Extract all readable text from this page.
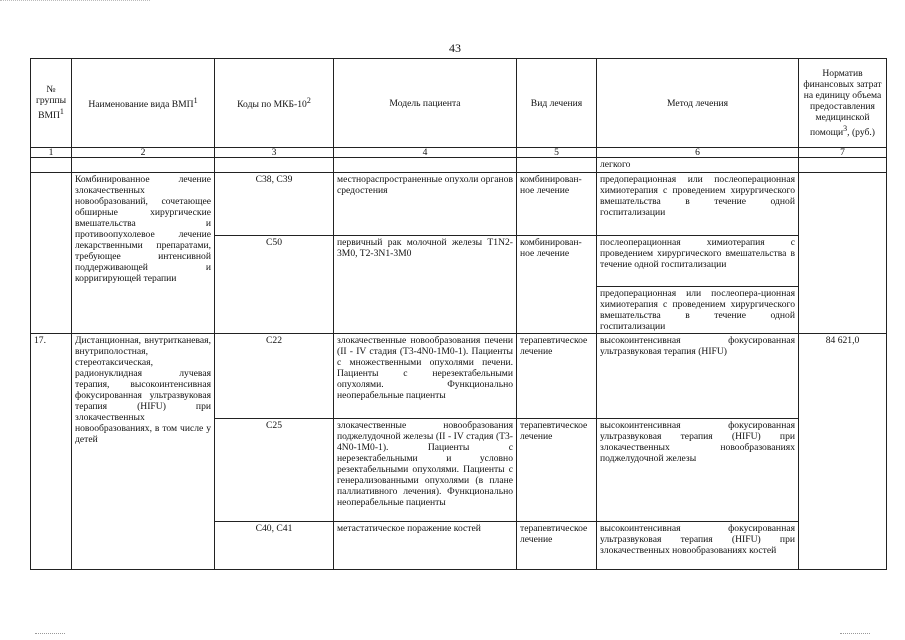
43
№ группы ВМП$^1$	Наименование вида ВМП$^1$	Коды по МКБ-$10^2$	Модель пациента	Вид лечения	Метод лечения	Норматив финансовых затрат на единицу объема предоставления медицинской помощи$^3$, (руб.)
1	2	3	4	5	6	7
					легкого	
	Комбинированное лечение злокачественных новообразований, сочетающее обширные хирургические вмешательства и противоопухолевое лечение лекарственными препаратами, требующее интенсивной поддерживающей и корригирующей терапии	C38, C39	местнораспространенные опухоли органов средостения	комбинирован-ное лечение	предоперационная или послеоперационная химиотерапия с проведением хирургического вмешательства в течение одной госпитализации	
		C50	первичный рак молочной железы T1N2-3M0, T2-3N1-3M0	комбинирован-ное лечение	послеоперационная химиотерапия с проведением хирургического вмешательства в течение одной госпитализации	
					предоперационная или послеопера-ционная химиотерапия с проведением хирургического вмешательства в течение одной госпитализации	
17.	Дистанционная, внутритканевая, внутриполостная, стереотаксическая, радионуклидная лучевая терапия, высокоинтенсивная фокусированная ультразвуковая терапия (HIFU) при злокачественных новообразованиях, в том числе у детей	C22	злокачественные новообразования печени (II - IV стадия (T3-4N0-1M0-1). Пациенты с множественными опухолями печени. Пациенты с нерезектабельными опухолями. Функционально неоперабельные пациенты	терапевтическое лечение	высокоинтенсивная фокусированная ультразвуковая терапия (HIFU)	84 621,0
		C25	злокачественные новообразования поджелудочной железы (II - IV стадия (T3-4N0-1M0-1). Пациенты с нерезектабельными и условно резектабельными опухолями. Пациенты с генерализованными опухолями (в плане паллиативного лечения). Функционально неоперабельные пациенты	терапевтическое лечение	высокоинтенсивная фокусированная ультразвуковая терапия (HIFU) при злокачественных новообразованиях поджелудочной железы	
		C40, C41	метастатическое поражение костей	терапевтическое лечение	высокоинтенсивная фокусированная ультразвуковая терапия (HIFU) при злокачественных новообразованиях костей	
